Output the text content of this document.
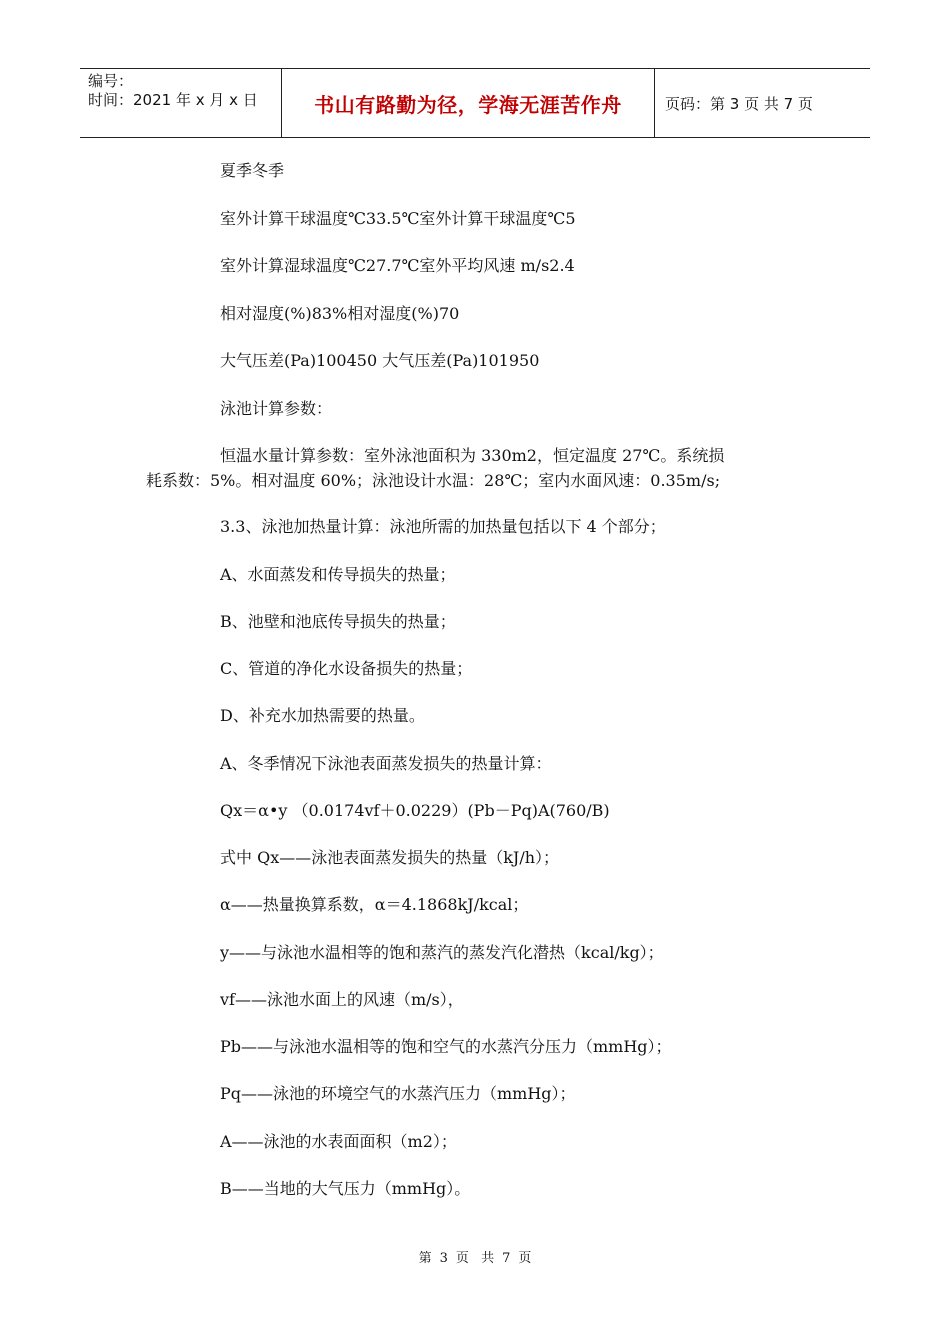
编号：
时间：2021 年 x 月 x 日	书山有路勤为径，学海无涯苦作舟	页码：第 3 页 共 7 页
夏季冬季
室外计算干球温度℃33.5℃室外计算干球温度℃5
室外计算湿球温度℃27.7℃室外平均风速 m/s2.4
相对湿度(%)83%相对湿度(%)70
大气压差(Pa)100450 大气压差(Pa)101950
泳池计算参数：
恒温水量计算参数：室外泳池面积为 330m2，恒定温度 27℃。系统损
耗系数：5%。相对温度 60%；泳池设计水温：28℃；室内水面风速：0.35m/s;
3.3、泳池加热量计算：泳池所需的加热量包括以下 4 个部分；
A、水面蒸发和传导损失的热量；
B、池壁和池底传导损失的热量；
C、管道的净化水设备损失的热量；
D、补充水加热需要的热量。
A、冬季情况下泳池表面蒸发损失的热量计算：
Qx＝α•y （0.0174vf＋0.0229）(Pb－Pq)A(760/B)
式中 Qx——泳池表面蒸发损失的热量（kJ/h）；
α——热量换算系数，α＝4.1868kJ/kcal；
y——与泳池水温相等的饱和蒸汽的蒸发汽化潜热（kcal/kg）；
vf——泳池水面上的风速（m/s），
Pb——与泳池水温相等的饱和空气的水蒸汽分压力（mmHg）；
Pq——泳池的环境空气的水蒸汽压力（mmHg）；
A——泳池的水表面面积（m2）；
B——当地的大气压力（mmHg）。
第 3 页 共 7 页
